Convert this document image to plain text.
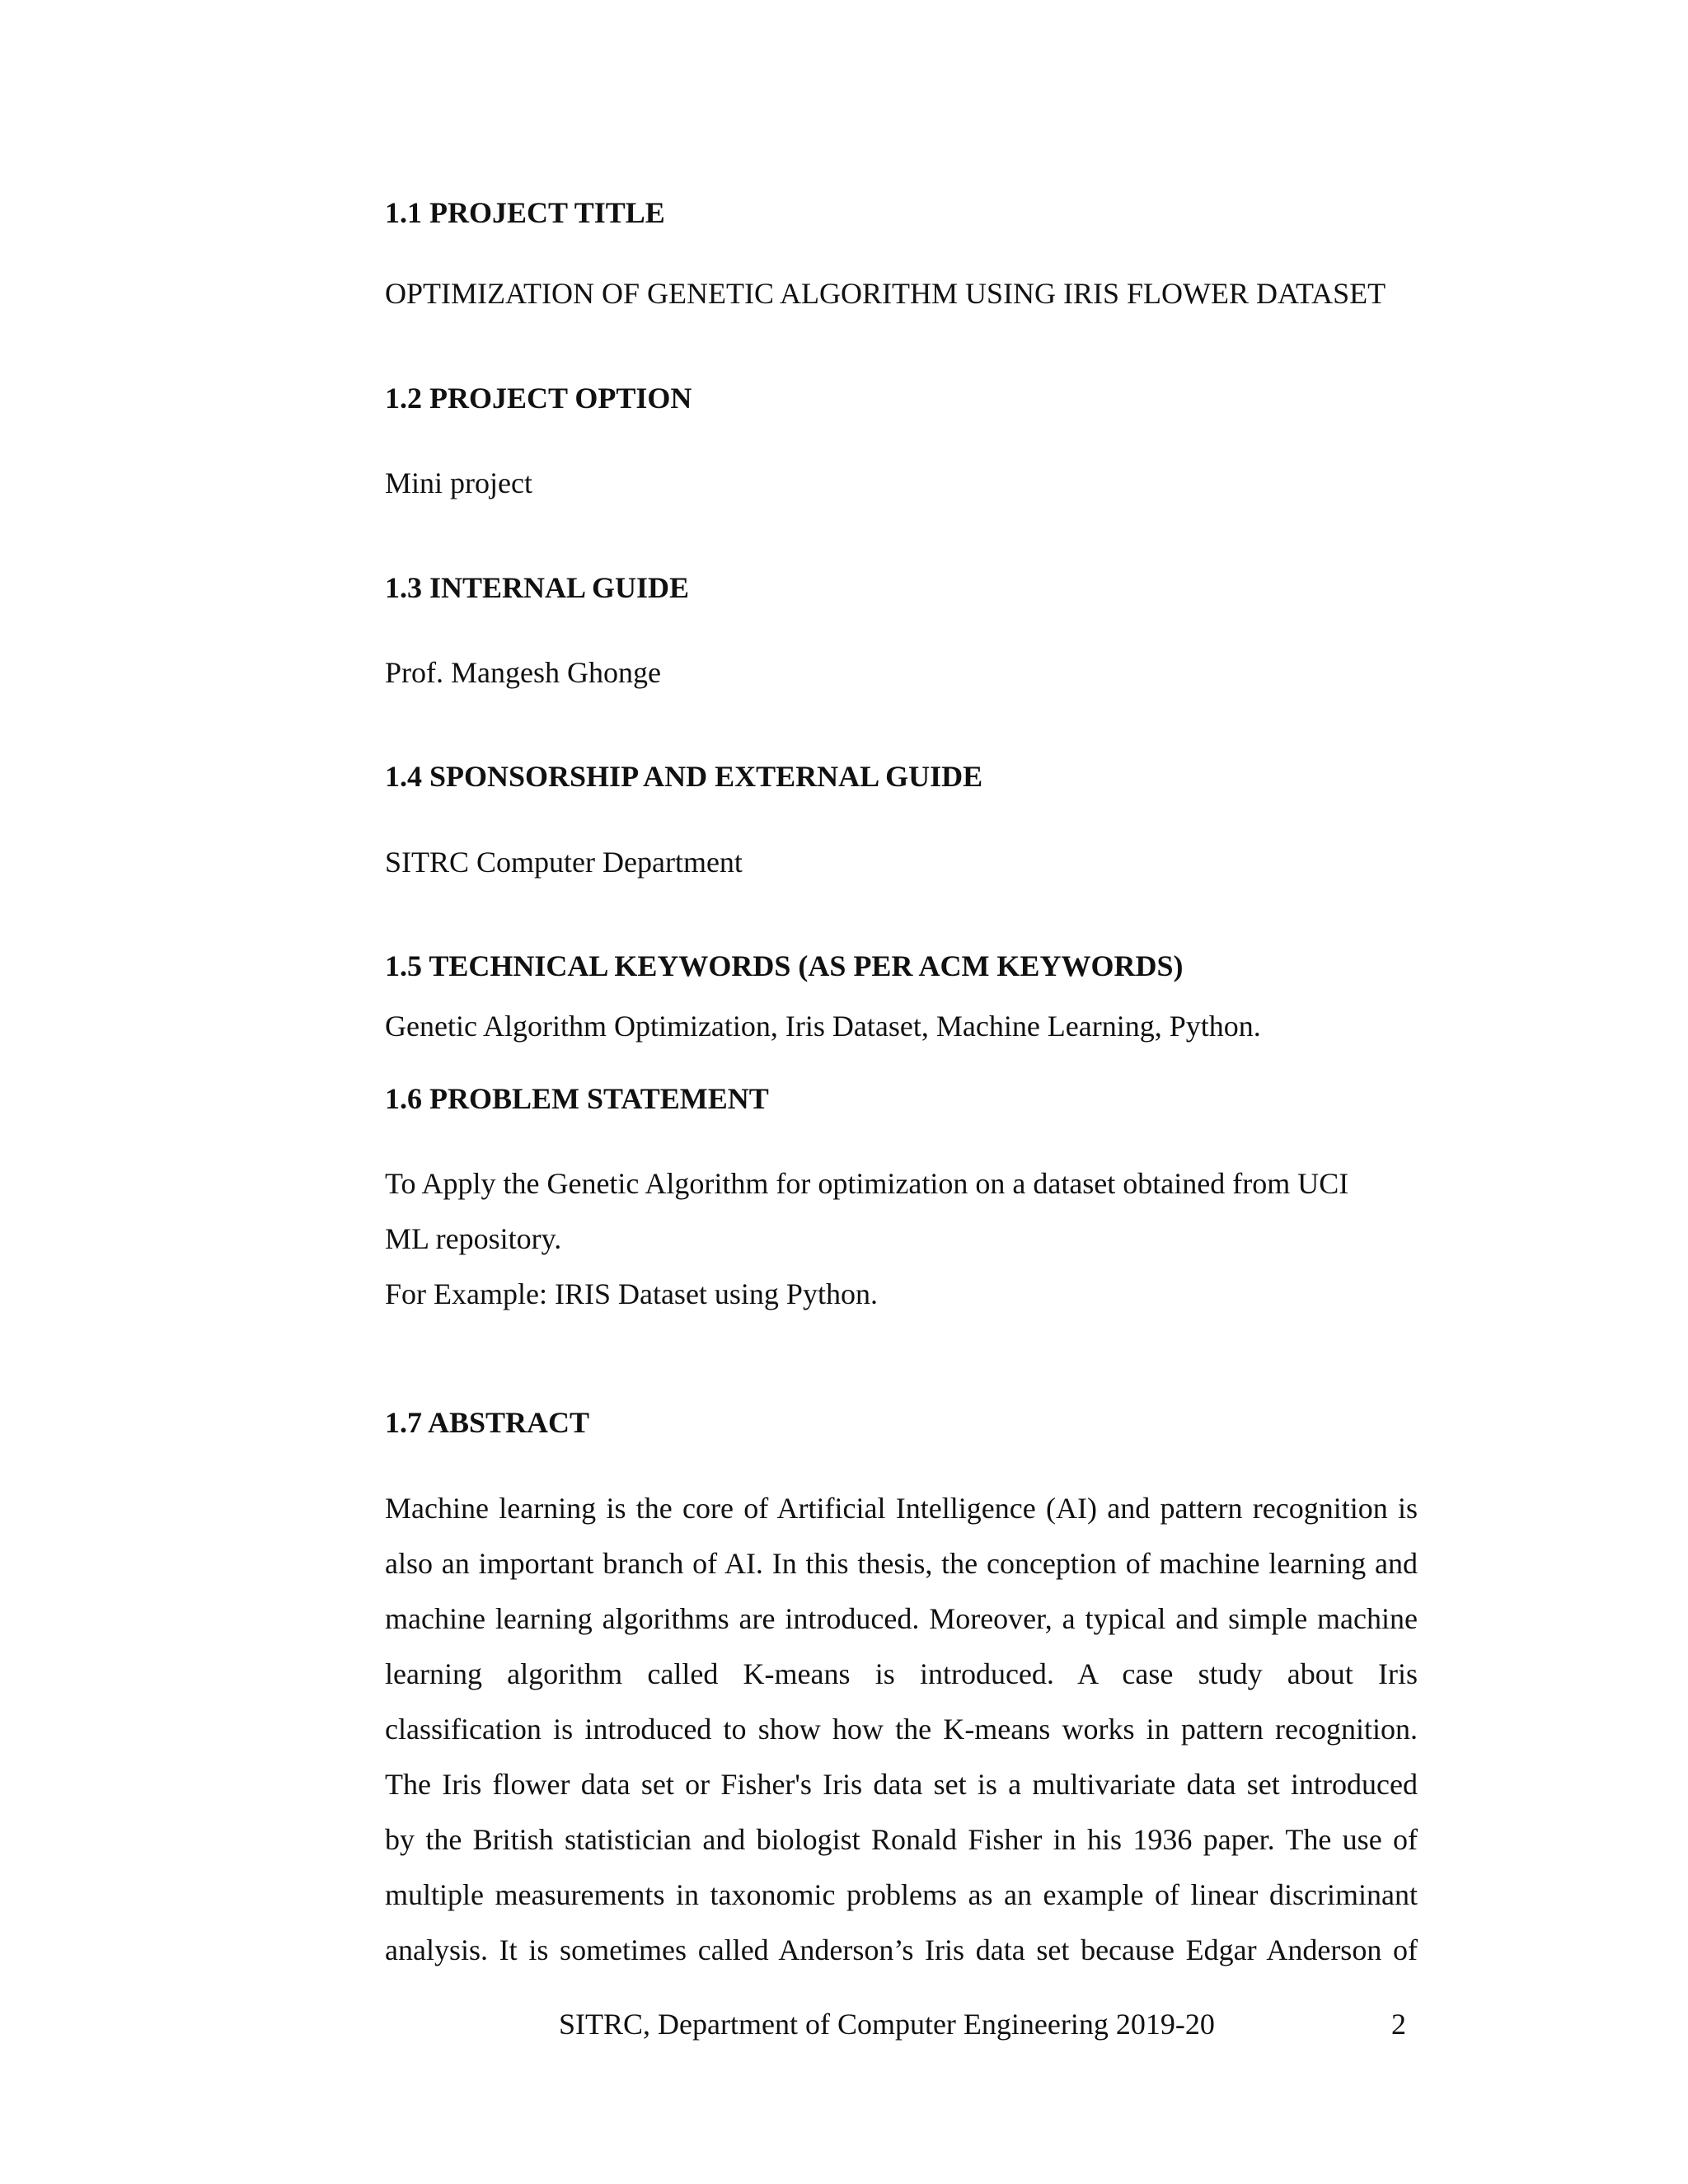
1.1 PROJECT TITLE
OPTIMIZATION OF GENETIC ALGORITHM USING IRIS FLOWER DATASET
1.2 PROJECT OPTION
Mini project
1.3 INTERNAL GUIDE
Prof. Mangesh Ghonge
1.4 SPONSORSHIP AND EXTERNAL GUIDE
SITRC Computer Department
1.5 TECHNICAL KEYWORDS (AS PER ACM KEYWORDS)
Genetic Algorithm Optimization, Iris Dataset, Machine Learning, Python.
1.6 PROBLEM STATEMENT
To Apply the Genetic Algorithm for optimization on a dataset obtained from UCI
ML repository.
For Example: IRIS Dataset using Python.
1.7 ABSTRACT
Machine learning is the core of Artificial Intelligence (AI) and pattern recognition is
also an important branch of AI. In this thesis, the conception of machine learning and
machine learning algorithms are introduced. Moreover, a typical and simple machine
learning algorithm called K-means is introduced. A case study about Iris
classification is introduced to show how the K-means works in pattern recognition.
The Iris flower data set or Fisher's Iris data set is a multivariate data set introduced
by the British statistician and biologist Ronald Fisher in his 1936 paper. The use of
multiple measurements in taxonomic problems as an example of linear discriminant
analysis. It is sometimes called Anderson’s Iris data set because Edgar Anderson of
SITRC, Department of Computer Engineering 2019-20	2
